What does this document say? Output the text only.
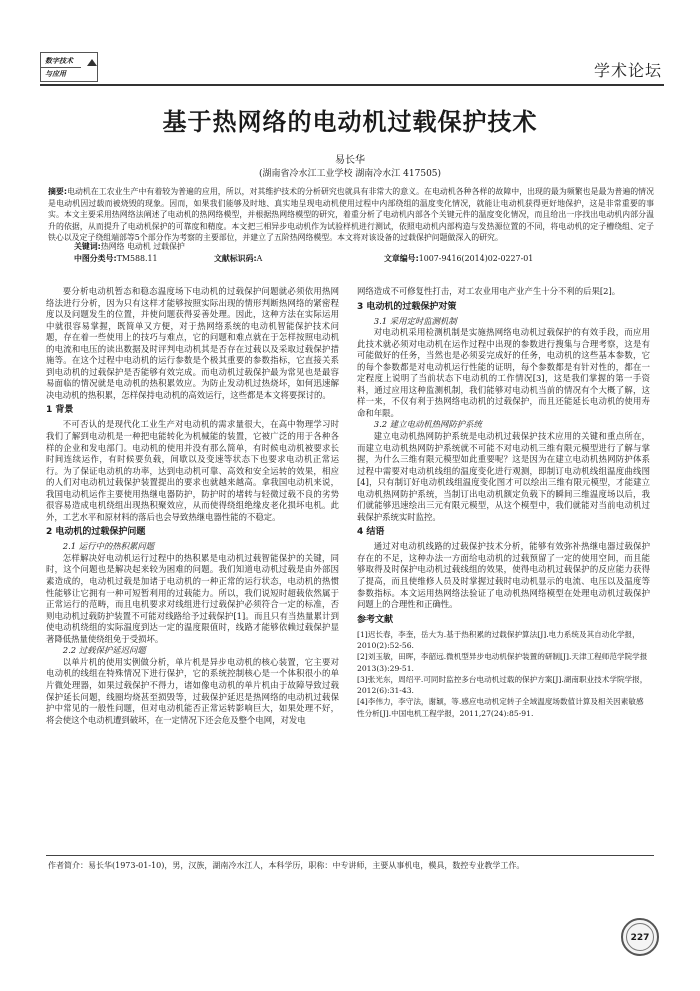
数字技术
与应用	学术论坛
基于热网络的电动机过载保护技术
易长华
(湖南省冷水江工业学校 湖南冷水江 417505)
摘要:电动机在工农业生产中有着较为普遍的应用，所以，对其维护技术的分析研究也就具有非常大的意义。在电动机各种各样的故障中，出现的最为频繁也是最为普遍的情况是电动机因过载而被烧毁的现象。因而，如果我们能够及时地、真实地呈现电动机使用过程中内部绕组的温度变化情况，就能让电动机获得更好地保护，这是非常重要的事实。本文主要采用热网络法阐述了电动机的热网络模型，并根据热网络模型的研究，着重分析了电动机内部各个关键元件的温度变化情况，而且给出一序找出电动机内部分温升的依据，从而提升了电动机保护的可靠度和精度。本文把三相异步电动机作为试验样机进行测试，依照电动机内部构造与发热源位置的不同，将电动机的定子槽绕组、定子铁心以及定子绕组端部等5个部分作为考察的主要部位，并建立了五阶热网络模型。本文将对该设备的过载保护问题做深入的研究。
关键词:热网络 电动机 过载保护
中图分类号:TM588.11	文献标识码:A	文章编号:1007-9416(2014)02-0227-01

要分析电动机暂态和稳态温度场下电动机的过载保护问题就必须依用热网络法进行分析，因为只有这样才能够按照实际出现的情形判断热网络的紧密程度以及问题发生的位置，并使问题获得妥善处理。因此，这种方法在实际运用中就很容易掌握，既简单又方便，对于热网络系统的电动机智能保护技术问题，存在着一些使用上的技巧与难点，它的问题和难点就在于怎样按照电动机的电流和电压的读出数据及时评判电动机其是否存在过载以及采取过载保护措施等。在这个过程中电动机的运行参数是个极其重要的参数指标，它直接关系到电动机的过载保护是否能够有效完成。而电动机过载保护最为常见也是最容易面临的情况就是电动机的热积累效应。为防止发动机过热烧坏，如何迅速解决电动机的热积累，怎样保持电动机的高效运行，这些都是本文将要探讨的。

1 背景

不可否认的是现代化工业生产对电动机的需求量很大，在高中物理学习时我们了解到电动机是一种把电能转化为机械能的装置，它被广泛的用于各种各样的企业和发电部门。电动机的使用并没有那么简单，有时候电动机被要求长时间连续运作，有时候要负载，间歇以及变速等状态下也要求电动机正常运行。为了保证电动机的功率，达到电动机可靠、高效和安全运转的效果，相应的人们对电动机过载保护装置提出的要求也就越来越高。拿我国电动机来说，我国电动机运作主要使用热继电器防护，防护时的堵转与轻微过载不良的劣势很容易造成电机绕组出现热积聚效应，从而使得绕组绝缘皮老化损坏电机。此外，工艺水平和原材料的落后也会导致热继电器性能的不稳定。

2 电动机的过载保护问题
2.1 运行中的热积累问题

怎样解决好电动机运行过程中的热积累是电动机过载智能保护的关键，同时，这个问题也是解决起来较为困难的问题。我们知道电动机过载是由外部因素造成的，电动机过载是加诸于电动机的一种正常的运行状态，电动机的热惯性能够让它拥有一种可短暂利用的过载能力。所以，我们说短时超载依然属于正常运行的范畴，而且电机要求对线组进行过载保护必须符合一定的标准，否则电动机过载防护装置不可能对线路给予过载保护[1]。而且只有当热量累计到使电动机绕组的实际温度到达一定的温度限值时，线路才能够依赖过载保护显著降低热量使绕组免于受损坏。

2.2 过载保护延迟问题

以单片机的使用实例做分析，单片机是异步电动机的核心装置，它主要对电动机的线组在特殊情况下进行保护，它的系统控制核心是一个体积很小的单片微处理器，如果过载保护不得力，诸如像电动机的单片机由于故障导致过载保护延长问题，线圈均烧甚至损毁等，过载保护延迟是热网络的电动机过载保护中常见的一般性问题，但对电动机能否正常运转影响巨大，如果处理不好，将会使这个电动机遭到破坏，在一定情况下还会危及整个电网，对发电

网络造成不可修复性打击，对工农业用电产业产生十分不利的后果[2]。

3 电动机的过载保护对策
3.1 采用定时监测机制

对电动机采用检测机制是实施热网络电动机过载保护的有效手段，而应用此技术就必须对电动机在运作过程中出现的参数进行搜集与合理考察，这是有可能做好的任务，当然也是必须妥完成好的任务，电动机的这些基本参数，它的每个参数都是对电动机运行性能的证明，每个参数都是有针对性的，都在一定程度上说明了当前状态下电动机的工作情况[3]，这是我们掌握的第一手资料，通过应用这种监测机制，我们能够对电动机当前的情况有个大概了解，这样一来，不仅有利于热网络电动机的过载保护，而且还能延长电动机的使用寿命和年限。

3.2 建立电动机热网防护系统

建立电动机热网防护系统是电动机过载保护技术应用的关键和重点所在，而建立电动机热网防护系统就不可能不对电动机三维有限元模型进行了解与掌握，为什么三维有限元模型如此重要呢？这是因为在建立电动机热网防护体系过程中需要对电动机线组的温度变化进行观测，即制订电动机线组温度曲线图[4]，只有制订好电动机线组温度变化图才可以绘出三维有限元模型，才能建立电动机热网防护系统，当制订出电动机额定负载下的瞬间三维温度场以后，我们就能够迅速绘出三元有限元模型，从这个模型中，我们就能对当前电动机过载保护系统实时监控。

4 结语

通过对电动机线路的过载保护技术分析，能够有效弥补热继电器过载保护存在的不足，这种办法一方面给电动机的过载预留了一定的使用空间，而且能够取得及时保护电动机过载线组的效果，使得电动机过载保护的反应能力获得了提高，而且使维修人员及时掌握过载时电动机显示的电流、电压以及温度等参数指标。本文运用热网络法验证了电动机热网络模型在处理电动机过载保护问题上的合理性和正确性。

参考文献
[1]迟长春，李奎，岳大为.基于热积累的过载保护算法[J].电力系统及其自动化学报，2010(2):52-56.
[2]刘玉敏，田晖，李韶远.微机型异步电动机保护装置的研制[J].天津工程师范学院学报2013(3):29-51.
[3]张光东，周绍平.可同时监控多台电动机过载的保护方案[J].湖南职业技术学院学报，2012(6):31-43.
[4]李伟力，李守法，谢颖，等.感应电动机定转子全域温度场数值计算及相关因素敏感性分析[J].中国电机工程学报，2011,27(24):85-91.
作者简介：易长华(1973-01-10)，男，汉族，湖南冷水江人，本科学历，职称：中专讲师，主要从事机电，模具，数控专业教学工作。
227
